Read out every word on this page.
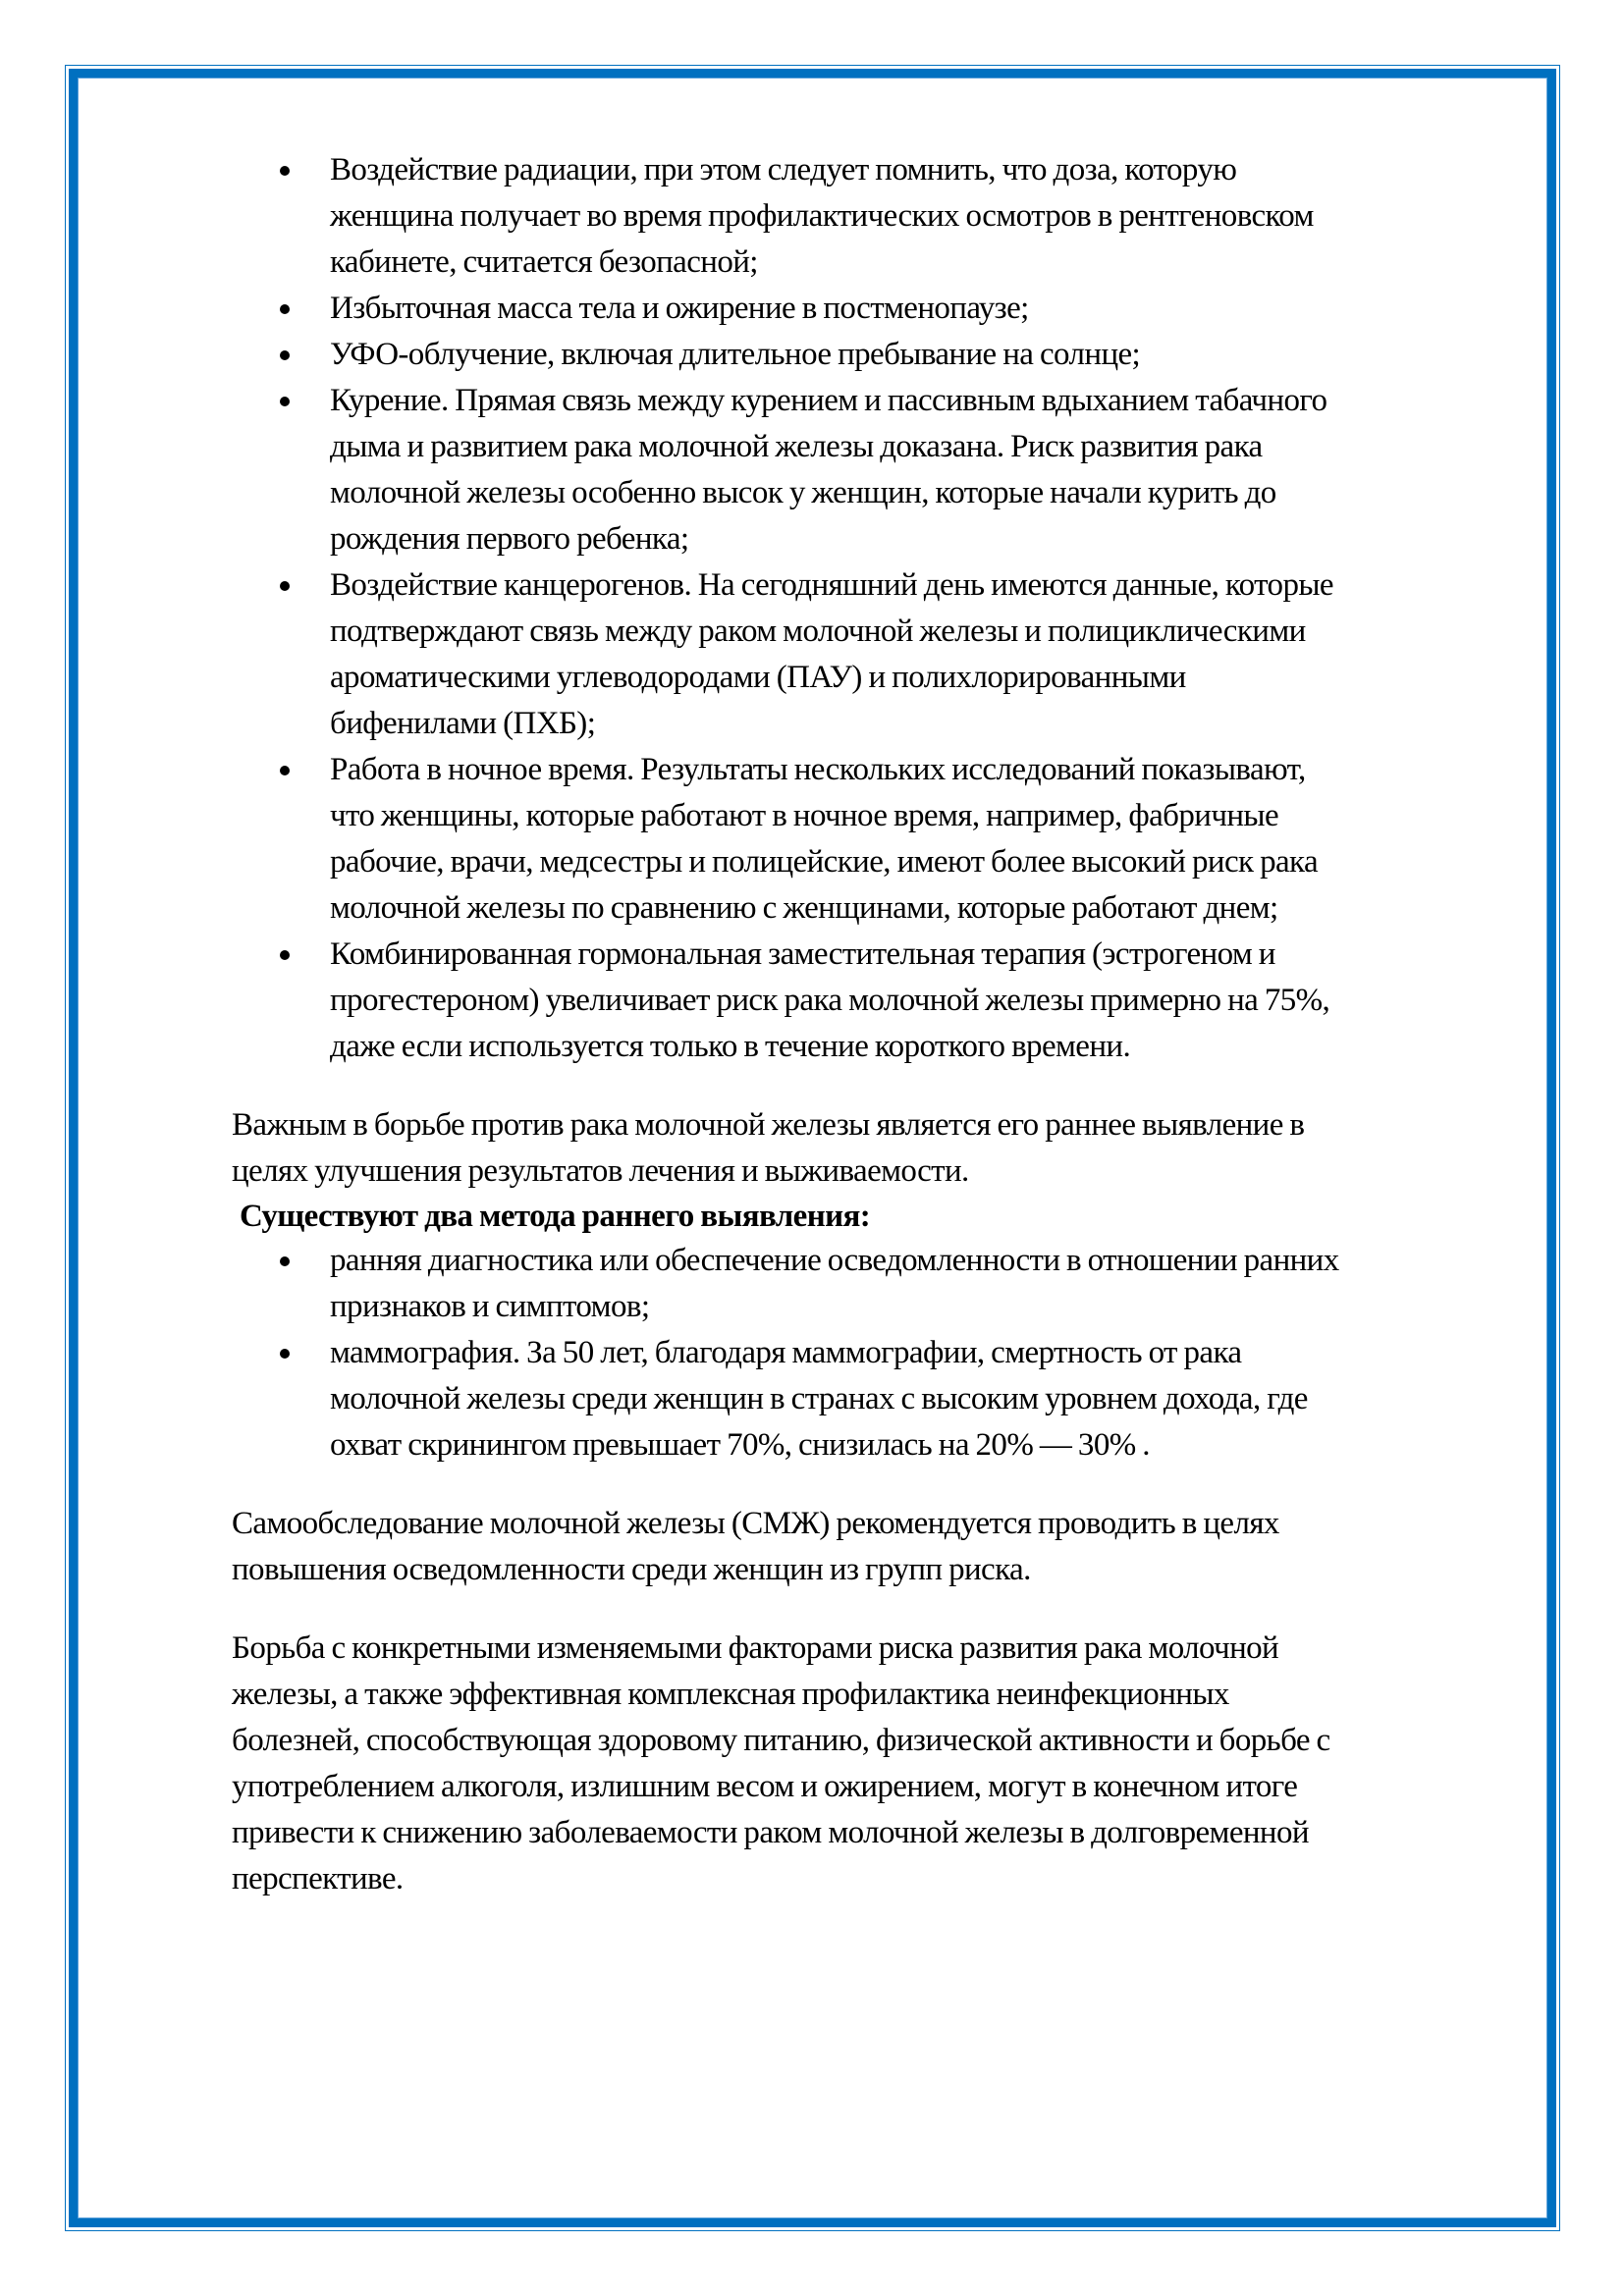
Воздействие радиации, при этом следует помнить, что доза, которую
женщина получает во время профилактических осмотров в рентгеновском
кабинете, считается безопасной;
Избыточная масса тела и ожирение в постменопаузе;
УФО-облучение, включая длительное пребывание на солнце;
Курение. Прямая связь между курением и пассивным вдыханием табачного
дыма и развитием рака молочной железы доказана. Риск развития рака
молочной железы особенно высок у женщин, которые начали курить до
рождения первого ребенка;
Воздействие канцерогенов. На сегодняшний день имеются данные, которые
подтверждают связь между раком молочной железы и полициклическими
ароматическими углеводородами (ПАУ) и полихлорированными
бифенилами (ПХБ);
Работа в ночное время. Результаты нескольких исследований показывают,
что женщины, которые работают в ночное время, например, фабричные
рабочие, врачи, медсестры и полицейские, имеют более высокий риск рака
молочной железы по сравнению с женщинами, которые работают днем;
Комбинированная гормональная заместительная терапия (эстрогеном и
прогестероном) увеличивает риск рака молочной железы примерно на 75%,
даже если используется только в течение короткого времени.

Важным в борьбе против рака молочной железы является его раннее выявление в
целях улучшения результатов лечения и выживаемости.

Существуют два метода раннего выявления:
ранняя диагностика или обеспечение осведомленности в отношении ранних
признаков и симптомов;
маммография. За 50 лет, благодаря маммографии, смертность от рака
молочной железы среди женщин в странах с высоким уровнем дохода, где
охват скринингом превышает 70%, снизилась на 20% — 30% .

Самообследование молочной железы (СМЖ) рекомендуется проводить в целях
повышения осведомленности среди женщин из групп риска.

Борьба с конкретными изменяемыми факторами риска развития рака молочной
железы, а также эффективная комплексная профилактика неинфекционных
болезней, способствующая здоровому питанию, физической активности и борьбе с
употреблением алкоголя, излишним весом и ожирением, могут в конечном итоге
привести к снижению заболеваемости раком молочной железы в долговременной
перспективе.
